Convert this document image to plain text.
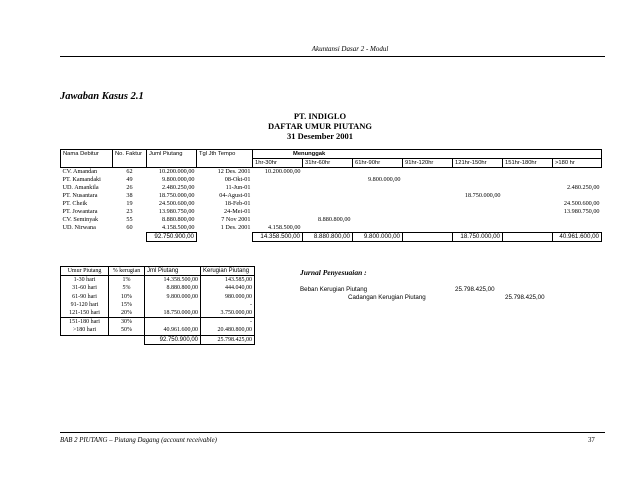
Akuntansi Dasar 2 - Modul
Jawaban Kasus 2.1
PT. INDIGLO
DAFTAR UMUR PIUTANG
31 Desember 2001
Nama Debitur	No. Faktur	Juml Piutang	Tgl Jth Tempo	Menunggak						
				1hr-30hr	31hr-60hr	61hr-90hr	91hr-120hr	121hr-150hr	151hr-180hr	>180 hr
CV. Amandan	62	10.200.000,00	12 Des. 2001	10.200.000,00						
PT. Kamandaki	49	9.800.000,00	08-Okt-01			9.800.000,00				
UD. Amankila	26	2.480.250,00	11-Jun-01							2.480.250,00
PT. Nusantara	38	18.750.000,00	04-Agust-01					18.750.000,00		
PT. Cheik	19	24.500.600,00	18-Feb-01							24.500.600,00
PT. Jowantara	23	13.980.750,00	24-Mei-01							13.980.750,00
CV. Seminyak	55	8.880.800,00	7 Nov 2001		8.880.800,00					
UD. Nirwana	60	4.158.500,00	1 Des. 2001	4.158.500,00						
		92.750.900,00		14.358.500,00	8.880.800,00	9.800.000,00		18.750.000,00		40.961.600,00
Umur Piutang	% kerugian	Jml Piutang	Kerugian Piutang
1-30 hari	1%	14.358.500,00	143.585,00
31-60 hari	5%	8.880.800,00	444.040,00
61-90 hari	10%	9.800.000,00	980.000,00
91-120 hari	15%		-
121-150 hari	20%	18.750.000,00	3.750.000,00
151-180 hari	30%		-
>180 hari	50%	40.961.600,00	20.480.800,00
		92.750.900,00	25.798.425,00
Jurnal Penyesuaian :
Beban Kerugian Piutang	25.798.425,00
Cadangan Kerugian Piutang	25.798.425,00
BAB 2 PIUTANG – Piutang Dagang (account receivable)	37
